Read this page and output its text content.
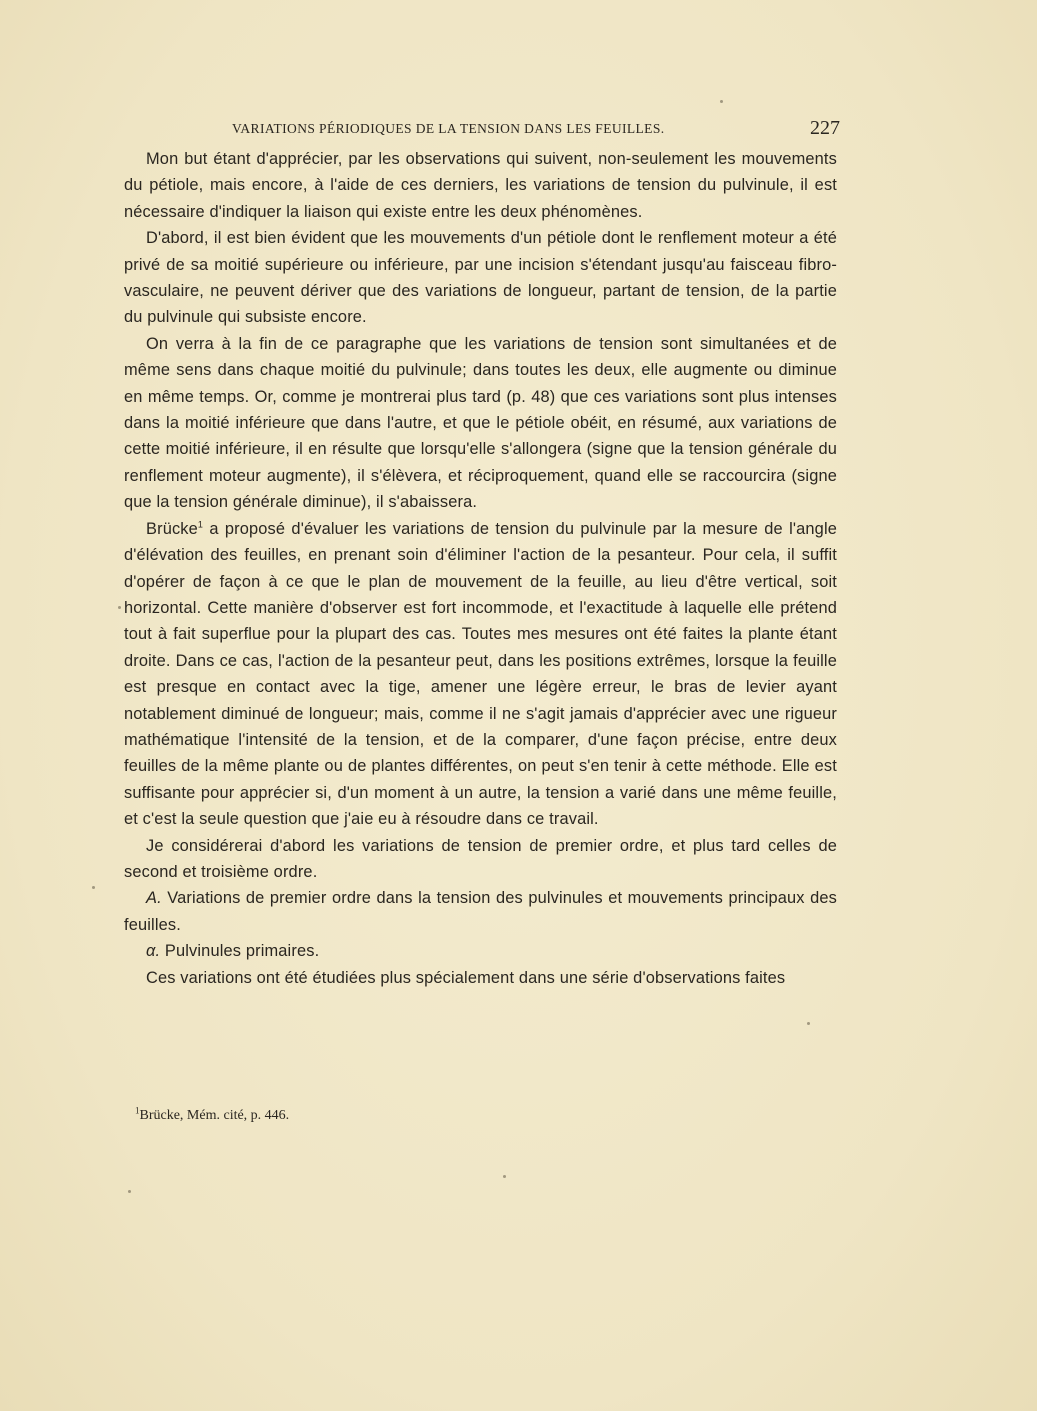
VARIATIONS PÉRIODIQUES DE LA TENSION DANS LES FEUILLES.	227

Mon but étant d'apprécier, par les observations qui suivent, non-seulement les mouvements du pétiole, mais encore, à l'aide de ces derniers, les variations de tension du pulvinule, il est nécessaire d'indiquer la liaison qui existe entre les deux phénomènes.

D'abord, il est bien évident que les mouvements d'un pétiole dont le renflement moteur a été privé de sa moitié supérieure ou inférieure, par une incision s'étendant jusqu'au faisceau fibro-vasculaire, ne peuvent dériver que des variations de longueur, partant de tension, de la partie du pulvinule qui subsiste encore.

On verra à la fin de ce paragraphe que les variations de tension sont simultanées et de même sens dans chaque moitié du pulvinule; dans toutes les deux, elle augmente ou diminue en même temps. Or, comme je montrerai plus tard (p. 48) que ces variations sont plus intenses dans la moitié inférieure que dans l'autre, et que le pétiole obéit, en résumé, aux variations de cette moitié inférieure, il en résulte que lorsqu'elle s'allongera (signe que la tension générale du renflement moteur augmente), il s'élèvera, et réciproquement, quand elle se raccourcira (signe que la tension générale diminue), il s'abaissera.

Brücke$^1$ a proposé d'évaluer les variations de tension du pulvinule par la mesure de l'angle d'élévation des feuilles, en prenant soin d'éliminer l'action de la pesanteur. Pour cela, il suffit d'opérer de façon à ce que le plan de mouvement de la feuille, au lieu d'être vertical, soit horizontal. Cette manière d'observer est fort incommode, et l'exactitude à laquelle elle prétend tout à fait superflue pour la plupart des cas. Toutes mes mesures ont été faites la plante étant droite. Dans ce cas, l'action de la pesanteur peut, dans les positions extrêmes, lorsque la feuille est presque en contact avec la tige, amener une légère erreur, le bras de levier ayant notablement diminué de longueur; mais, comme il ne s'agit jamais d'apprécier avec une rigueur mathématique l'intensité de la tension, et de la comparer, d'une façon précise, entre deux feuilles de la même plante ou de plantes différentes, on peut s'en tenir à cette méthode. Elle est suffisante pour apprécier si, d'un moment à un autre, la tension a varié dans une même feuille, et c'est la seule question que j'aie eu à résoudre dans ce travail.

Je considérerai d'abord les variations de tension de premier ordre, et plus tard celles de second et troisième ordre.

A. Variations de premier ordre dans la tension des pulvinules et mouvements principaux des feuilles.

α. Pulvinules primaires.

Ces variations ont été étudiées plus spécialement dans une série d'observations faites

$^1$Brücke, Mém. cité, p. 446.
